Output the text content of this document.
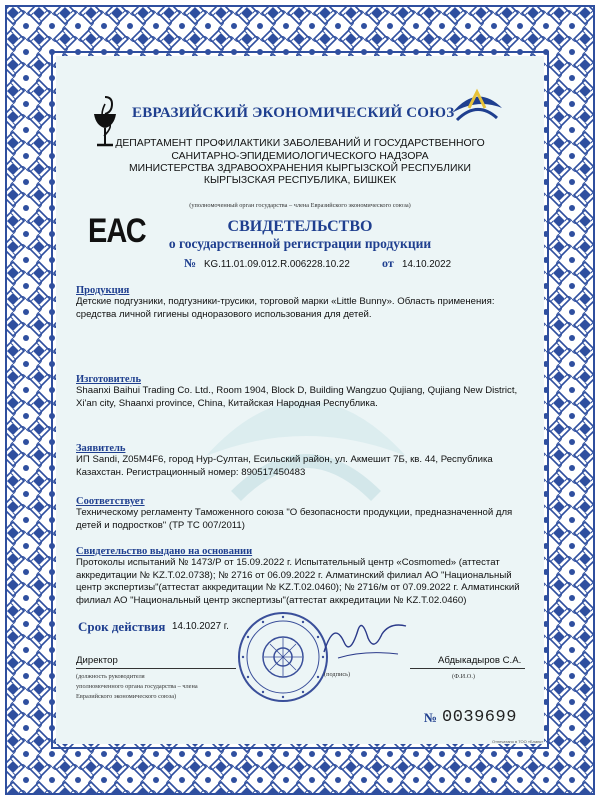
ЕВРАЗИЙСКИЙ ЭКОНОМИЧЕСКИЙ СОЮЗ
ДЕПАРТАМЕНТ ПРОФИЛАКТИКИ ЗАБОЛЕВАНИЙ И ГОСУДАРСТВЕННОГО
САНИТАРНО-ЭПИДЕМИОЛОГИЧЕСКОГО НАДЗОРА
МИНИСТЕРСТВА ЗДРАВООХРАНЕНИЯ КЫРГЫЗСКОЙ РЕСПУБЛИКИ
КЫРГЫЗСКАЯ РЕСПУБЛИКА, БИШКЕК
(уполномоченный орган государства – члена Евразийского экономического союза)
ЕАС	СВИДЕТЕЛЬСТВО
о государственной регистрации продукции
№ KG.11.01.09.012.R.006228.10.22	от 14.10.2022
Продукция
Детские подгузники, подгузники-трусики, торговой марки «Little Bunny». Область применения: средства личной гигиены одноразового использования для детей.
Изготовитель
Shaanxi Baihui Trading Co. Ltd., Room 1904, Block D, Building Wangzuo Qujiang, Qujiang New District, Xi'an city, Shaanxi province, China, Китайская Народная Республика.
Заявитель
ИП Sandi, Z05M4F6, город Нур-Султан, Есильский район, ул. Акмешит 7Б, кв. 44, Республика Казахстан. Регистрационный номер: 890517450483
Соответствует
Техническому регламенту Таможенного союза "О безопасности продукции, предназначенной для детей и подростков" (ТР ТС 007/2011)
Свидетельство выдано на основании
Протоколы испытаний № 1473/Р от 15.09.2022 г. Испытательный центр «Cosmomed» (аттестат аккредитации № KZ.T.02.0738); № 2716 от 06.09.2022 г. Алматинский филиал АО "Национальный центр экспертизы"(аттестат аккредитации № KZ.T.02.0460); № 2716/м от 07.09.2022 г. Алматинский филиал АО "Национальный центр экспертизы"(аттестат аккредитации № KZ.T.02.0460)
Срок действия 14.10.2027 г.
Директор
(должность руководителя
уполномоченного органа государства – члена
Евразийского экономического союза)
(подпись)
Абдыкадыров С.А.
(Ф.И.О.)
№ 0039699
Отпечатано в ТОО «Бланк»
